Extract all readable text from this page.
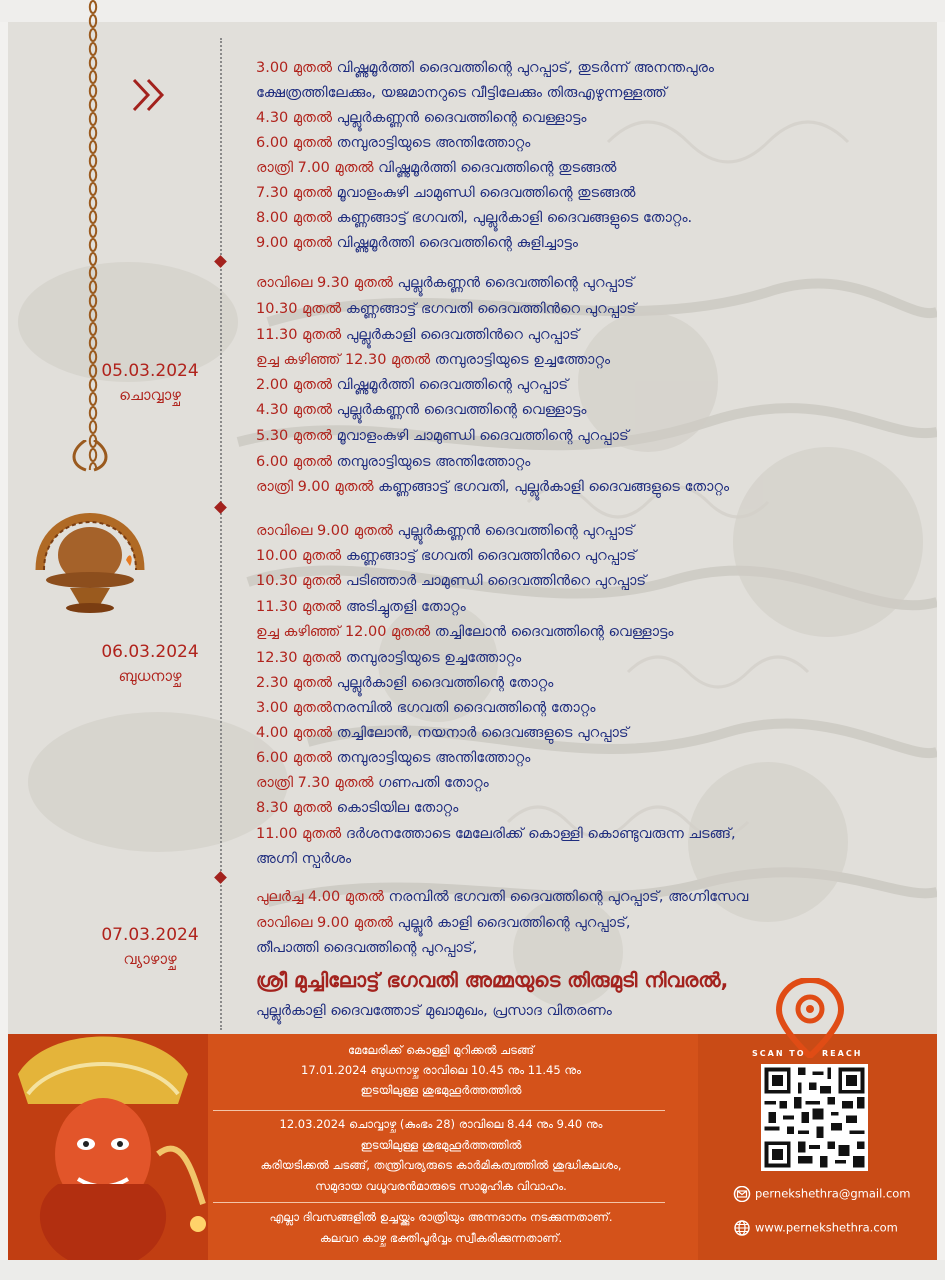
05.03.2024
ചൊവ്വാഴ്ച
06.03.2024
ബുധനാഴ്ച
07.03.2024
വ്യാഴാഴ്ച
3.00 മുതൽ വിഷ്ണുമൂർത്തി ദൈവത്തിന്റെ പുറപ്പാട്, തുടർന്ന് അനന്തപുരം
ക്ഷേത്രത്തിലേക്കും, യജമാനറുടെ വീട്ടിലേക്കും തിരുഎഴുന്നള്ളത്ത്
4.30 മുതൽ പുല്ലൂർകണ്ണൻ ദൈവത്തിന്റെ വെള്ളാട്ടം
6.00 മുതൽ തമ്പുരാട്ടിയുടെ അന്തിത്തോറ്റം
രാത്രി 7.00 മുതൽ വിഷ്ണുമൂർത്തി ദൈവത്തിന്റെ തുടങ്ങൽ
7.30 മുതൽ മൂവാളംകുഴി ചാമുണ്ഡി ദൈവത്തിന്റെ തുടങ്ങൽ
8.00 മുതൽ കണ്ണങ്ങാട്ട് ഭഗവതി, പുല്ലൂർകാളി ദൈവങ്ങളുടെ തോറ്റം.
9.00 മുതൽ വിഷ്ണുമൂർത്തി ദൈവത്തിന്റെ കുളിച്ചാട്ടം
രാവിലെ 9.30 മുതൽ പുല്ലൂർകണ്ണൻ ദൈവത്തിന്റെ പുറപ്പാട്
10.30 മുതൽ കണ്ണങ്ങാട്ട് ഭഗവതി ദൈവത്തിൻറെ പുറപ്പാട്
11.30 മുതൽ പുല്ലൂർകാളി ദൈവത്തിൻറെ പുറപ്പാട്
ഉച്ച കഴിഞ്ഞ് 12.30 മുതൽ തമ്പുരാട്ടിയുടെ ഉച്ചത്തോറ്റം
2.00 മുതൽ വിഷ്ണുമൂർത്തി ദൈവത്തിന്റെ പുറപ്പാട്
4.30 മുതൽ പുല്ലൂർകണ്ണൻ ദൈവത്തിന്റെ വെള്ളാട്ടം
5.30 മുതൽ മൂവാളംകുഴി ചാമുണ്ഡി ദൈവത്തിന്റെ പുറപ്പാട്
6.00 മുതൽ തമ്പുരാട്ടിയുടെ അന്തിത്തോറ്റം
രാത്രി 9.00 മുതൽ കണ്ണങ്ങാട്ട് ഭഗവതി, പുല്ലൂർകാളി ദൈവങ്ങളുടെ തോറ്റം
രാവിലെ 9.00 മുതൽ പുല്ലൂർകണ്ണൻ ദൈവത്തിന്റെ പുറപ്പാട്
10.00 മുതൽ കണ്ണങ്ങാട്ട് ഭഗവതി ദൈവത്തിൻറെ പുറപ്പാട്
10.30 മുതൽ പടിഞ്ഞാർ ചാമുണ്ഡി ദൈവത്തിൻറെ പുറപ്പാട്
11.30 മുതൽ അടിച്ചുതളി തോറ്റം
ഉച്ച കഴിഞ്ഞ് 12.00 മുതൽ തച്ചിലോൻ ദൈവത്തിന്റെ വെള്ളാട്ടം
12.30 മുതൽ തമ്പുരാട്ടിയുടെ ഉച്ചത്തോറ്റം
2.30 മുതൽ പുല്ലൂർകാളി ദൈവത്തിന്റെ തോറ്റം
3.00 മുതൽനരമ്പിൽ ഭഗവതി ദൈവത്തിന്റെ തോറ്റം
4.00 മുതൽ തച്ചിലോൻ, നയനാർ ദൈവങ്ങളുടെ പുറപ്പാട്
6.00 മുതൽ തമ്പുരാട്ടിയുടെ അന്തിത്തോറ്റം
രാത്രി 7.30 മുതൽ ഗണപതി തോറ്റം
8.30 മുതൽ കൊടിയില തോറ്റം
11.00 മുതൽ ദർശനത്തോടെ മേലേരിക്ക് കൊള്ളി കൊണ്ടുവരുന്ന ചടങ്ങ്,
അഗ്നി സ്പർശം
പുലർച്ച 4.00 മുതൽ നരമ്പിൽ ഭഗവതി ദൈവത്തിന്റെ പുറപ്പാട്, അഗ്നിസേവ
രാവിലെ 9.00 മുതൽ പുല്ലൂർ കാളി ദൈവത്തിന്റെ പുറപ്പാട്,
തീപാത്തി ദൈവത്തിന്റെ പുറപ്പാട്,
ശ്രീ മുച്ചിലോട്ട് ഭഗവതി അമ്മയുടെ തിരുമുടി നിവരൽ,
പുല്ലൂർകാളി ദൈവത്തോട് മുഖാമുഖം, പ്രസാദ വിതരണം
മേലേരിക്ക് കൊള്ളി മുറിക്കൽ ചടങ്ങ്
17.01.2024 ബുധനാഴ്ച രാവിലെ 10.45 നും 11.45 നും
ഇടയിലുള്ള ശുഭമുഹൂർത്തത്തിൽ
12.03.2024 ചൊവ്വാഴ്ച (കുംഭം 28) രാവിലെ 8.44 നും 9.40 നും
ഇടയിലുള്ള ശുഭമുഹൂർത്തത്തിൽ
കരിയടിക്കൽ ചടങ്ങ്, തന്ത്രിവര്യരുടെ കാർമികത്വത്തിൽ ശുദ്ധികലശം,
സമുദായ വധൂവരൻമാരുടെ സാമൂഹിക വിവാഹം.
എല്ലാ ദിവസങ്ങളിൽ ഉച്ചയ്ക്കും രാത്രിയും അന്നദാനം നടക്കുന്നതാണ്.
കലവറ കാഴ്ച ഭക്തിപൂർവ്വം സ്വീകരിക്കുന്നതാണ്.
SCAN TO REACH
pernekshethra@gmail.com
www.pernekshethra.com
